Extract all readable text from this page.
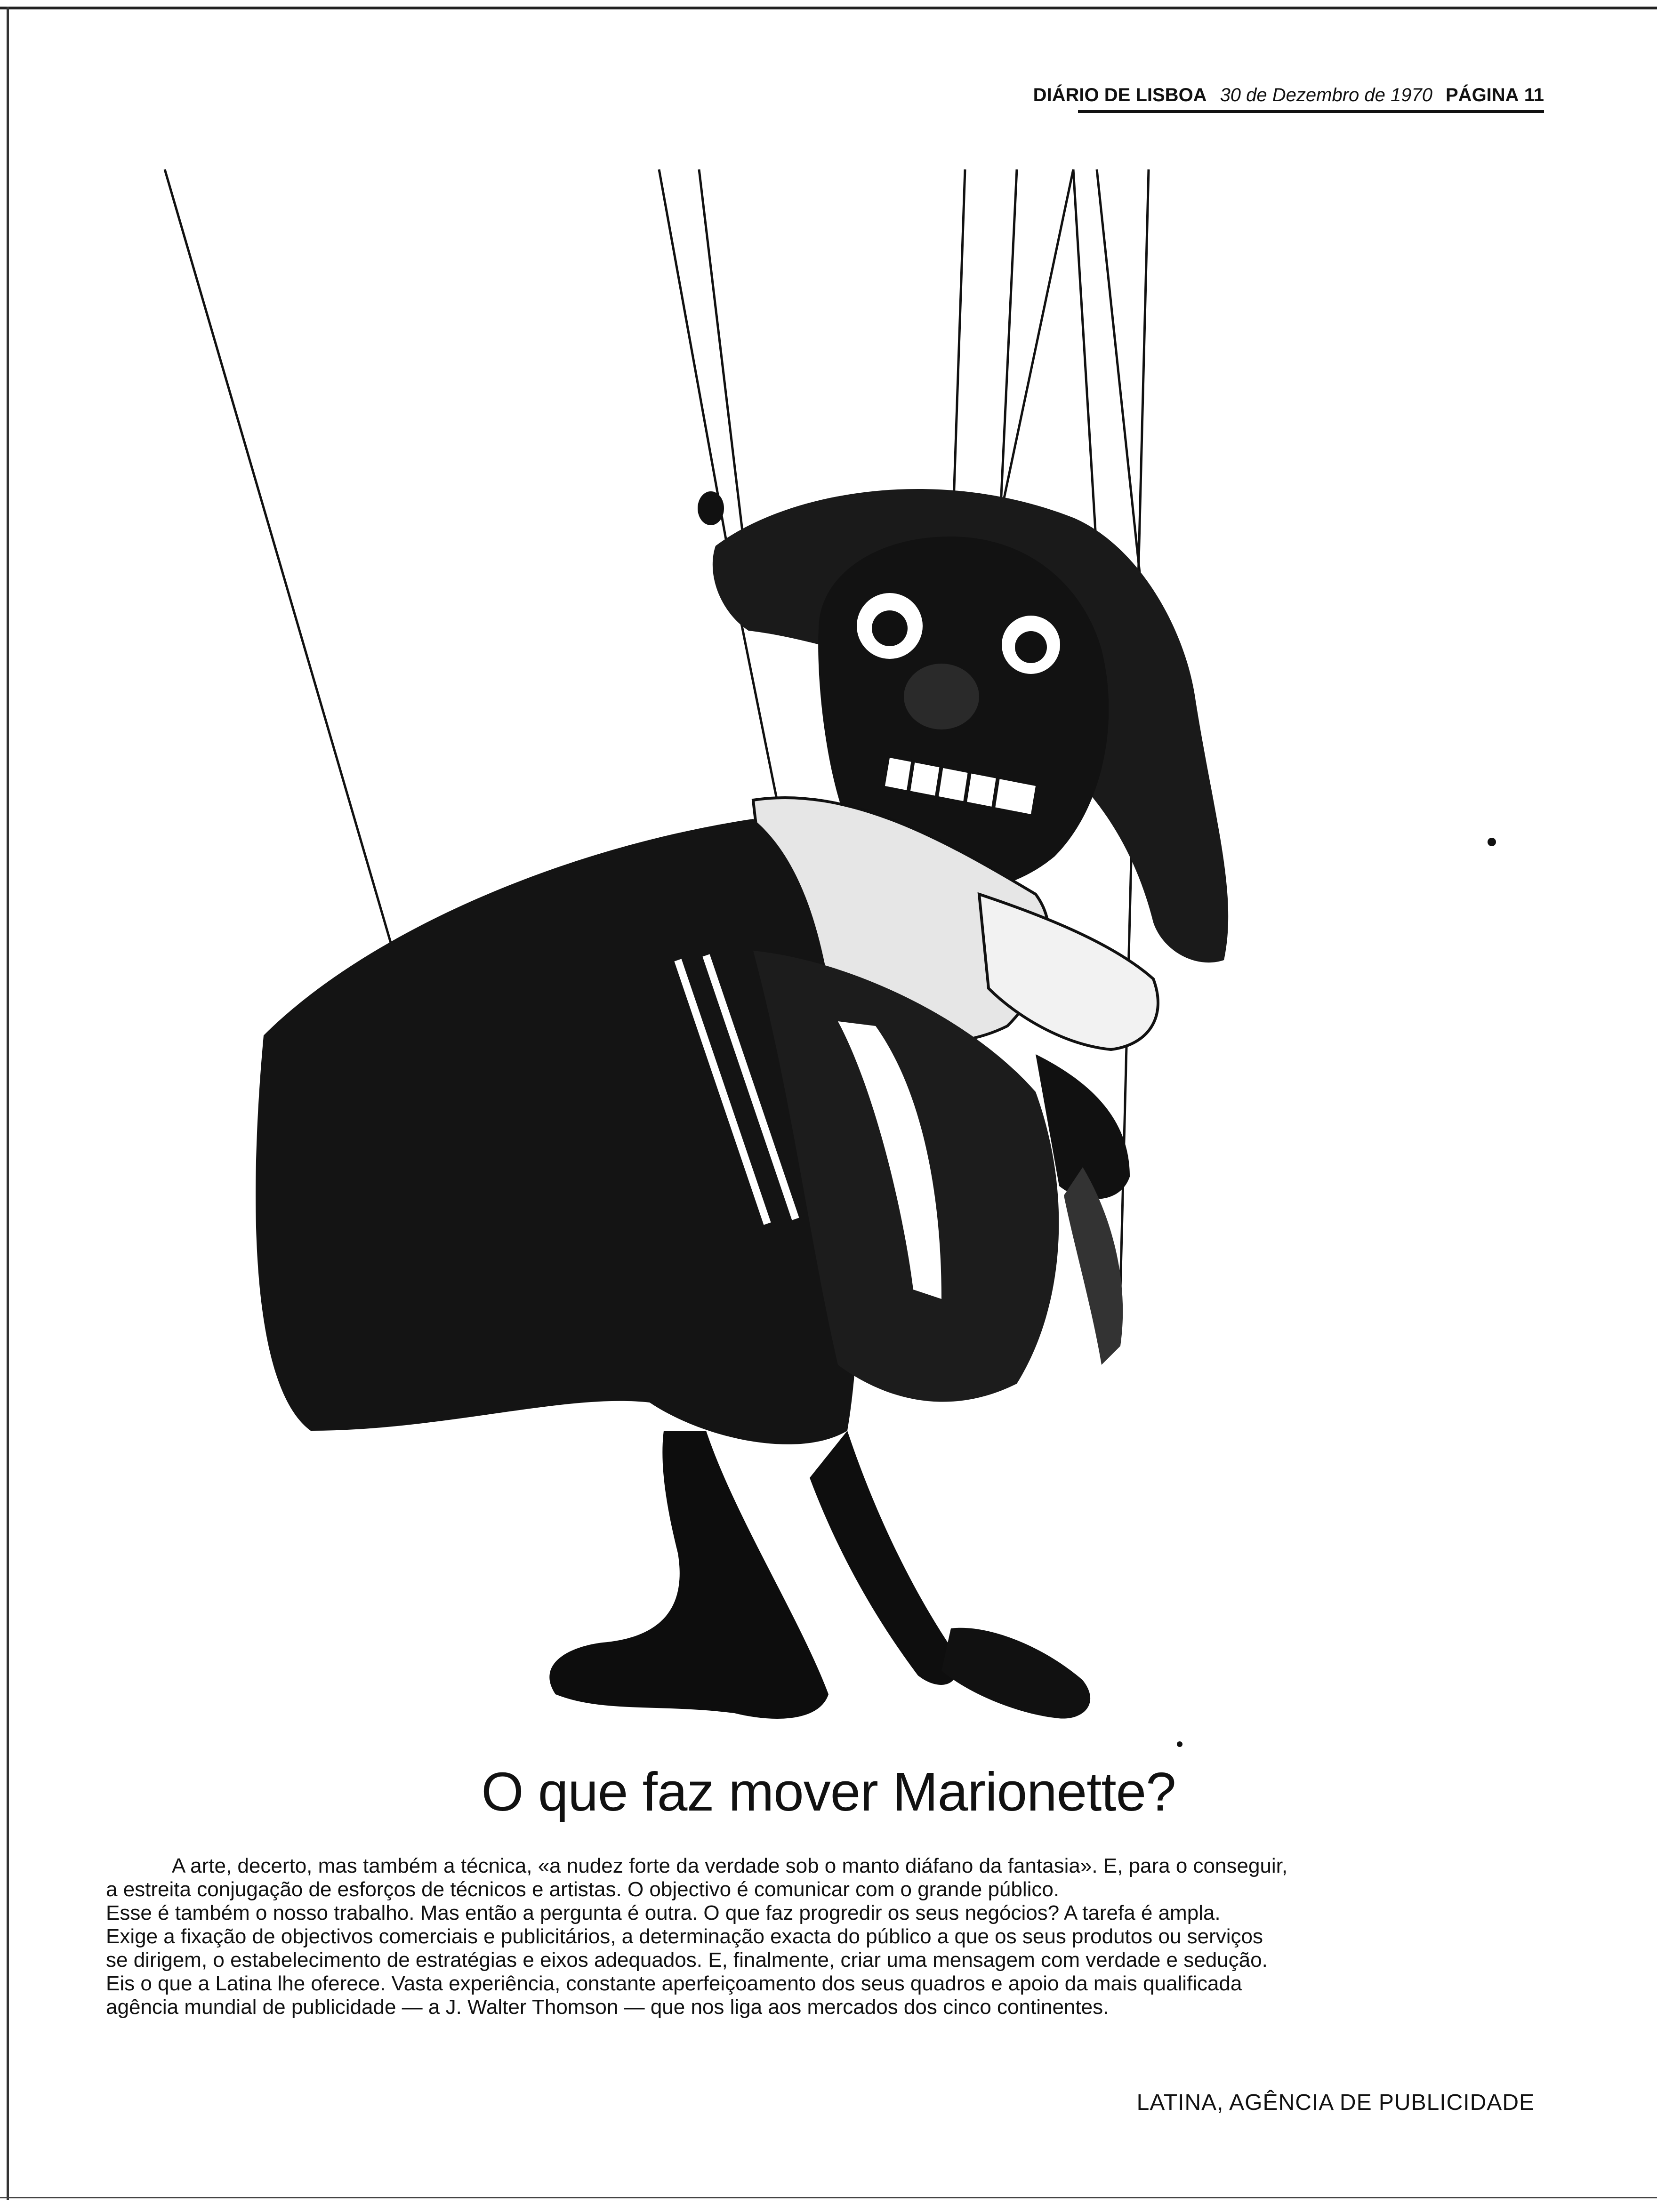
DIÁRIO DE LISBOA 30 de Dezembro de 1970 PÁGINA 11
O que faz mover Marionette?
A arte, decerto, mas também a técnica, «a nudez forte da verdade sob o manto diáfano da fantasia». E, para o conseguir,
a estreita conjugação de esforços de técnicos e artistas. O objectivo é comunicar com o grande público.
Esse é também o nosso trabalho. Mas então a pergunta é outra. O que faz progredir os seus negócios? A tarefa é ampla.
Exige a fixação de objectivos comerciais e publicitários, a determinação exacta do público a que os seus produtos ou serviços
se dirigem, o estabelecimento de estratégias e eixos adequados. E, finalmente, criar uma mensagem com verdade e sedução.
Eis o que a Latina lhe oferece. Vasta experiência, constante aperfeiçoamento dos seus quadros e apoio da mais qualificada
agência mundial de publicidade — a J. Walter Thomson — que nos liga aos mercados dos cinco continentes.
LATINA, AGÊNCIA DE PUBLICIDADE
